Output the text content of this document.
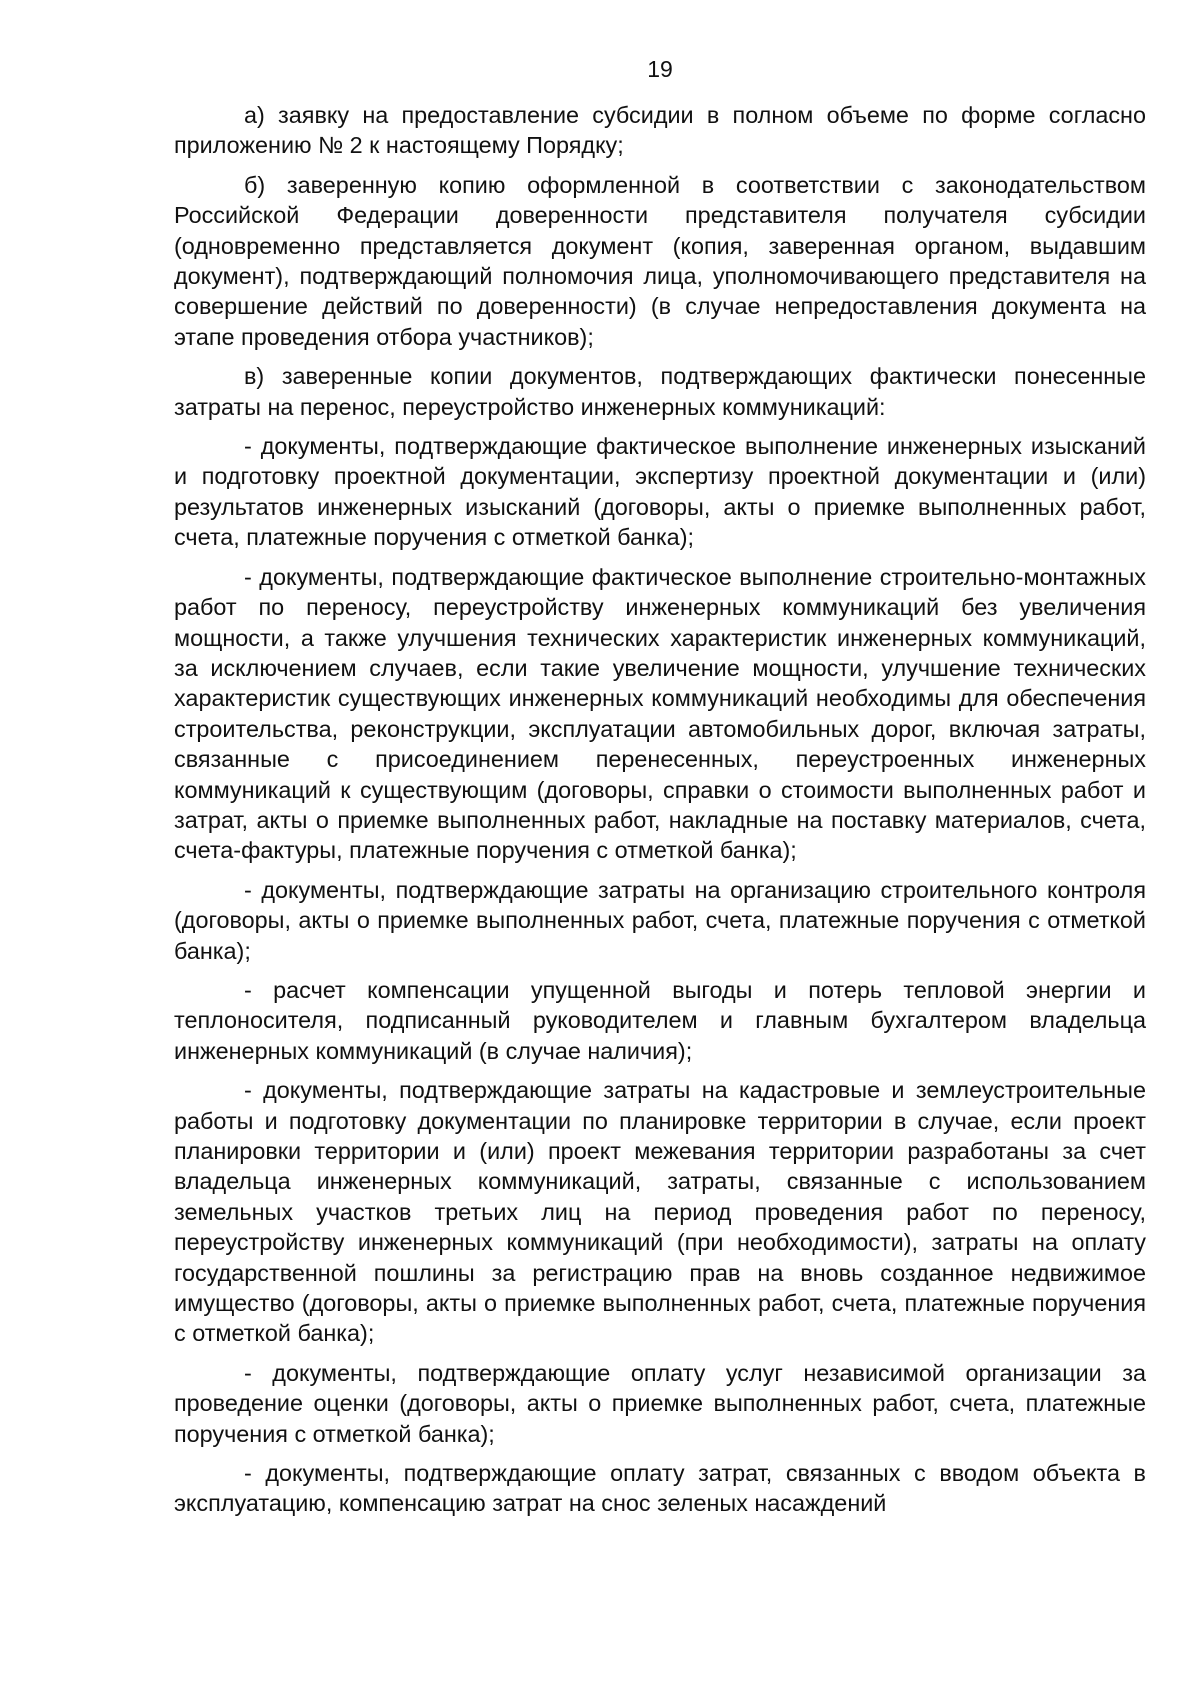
19

а) заявку на предоставление субсидии в полном объеме по форме согласно приложению № 2 к настоящему Порядку;

б) заверенную копию оформленной в соответствии с законодательством Российской Федерации доверенности представителя получателя субсидии (одновременно представляется документ (копия, заверенная органом, выдавшим документ), подтверждающий полномочия лица, уполномочивающего представителя на совершение действий по доверенности) (в случае непредоставления документа на этапе проведения отбора участников);

в) заверенные копии документов, подтверждающих фактически понесенные затраты на перенос, переустройство инженерных коммуникаций:

- документы, подтверждающие фактическое выполнение инженерных изысканий и подготовку проектной документации, экспертизу проектной документации и (или) результатов инженерных изысканий (договоры, акты о приемке выполненных работ, счета, платежные поручения с отметкой банка);

- документы, подтверждающие фактическое выполнение строительно-монтажных работ по переносу, переустройству инженерных коммуникаций без увеличения мощности, а также улучшения технических характеристик инженерных коммуникаций, за исключением случаев, если такие увеличение мощности, улучшение технических характеристик существующих инженерных коммуникаций необходимы для обеспечения строительства, реконструкции, эксплуатации автомобильных дорог, включая затраты, связанные с присоединением перенесенных, переустроенных инженерных коммуникаций к существующим (договоры, справки о стоимости выполненных работ и затрат, акты о приемке выполненных работ, накладные на поставку материалов, счета, счета-фактуры, платежные поручения с отметкой банка);

- документы, подтверждающие затраты на организацию строительного контроля (договоры, акты о приемке выполненных работ, счета, платежные поручения с отметкой банка);

- расчет компенсации упущенной выгоды и потерь тепловой энергии и теплоносителя, подписанный руководителем и главным бухгалтером владельца инженерных коммуникаций (в случае наличия);

- документы, подтверждающие затраты на кадастровые и землеустроительные работы и подготовку документации по планировке территории в случае, если проект планировки территории и (или) проект межевания территории разработаны за счет владельца инженерных коммуникаций, затраты, связанные с использованием земельных участков третьих лиц на период проведения работ по переносу, переустройству инженерных коммуникаций (при необходимости), затраты на оплату государственной пошлины за регистрацию прав на вновь созданное недвижимое имущество (договоры, акты о приемке выполненных работ, счета, платежные поручения с отметкой банка);

- документы, подтверждающие оплату услуг независимой организации за проведение оценки (договоры, акты о приемке выполненных работ, счета, платежные поручения с отметкой банка);

- документы, подтверждающие оплату затрат, связанных с вводом объекта в эксплуатацию, компенсацию затрат на снос зеленых насаждений
